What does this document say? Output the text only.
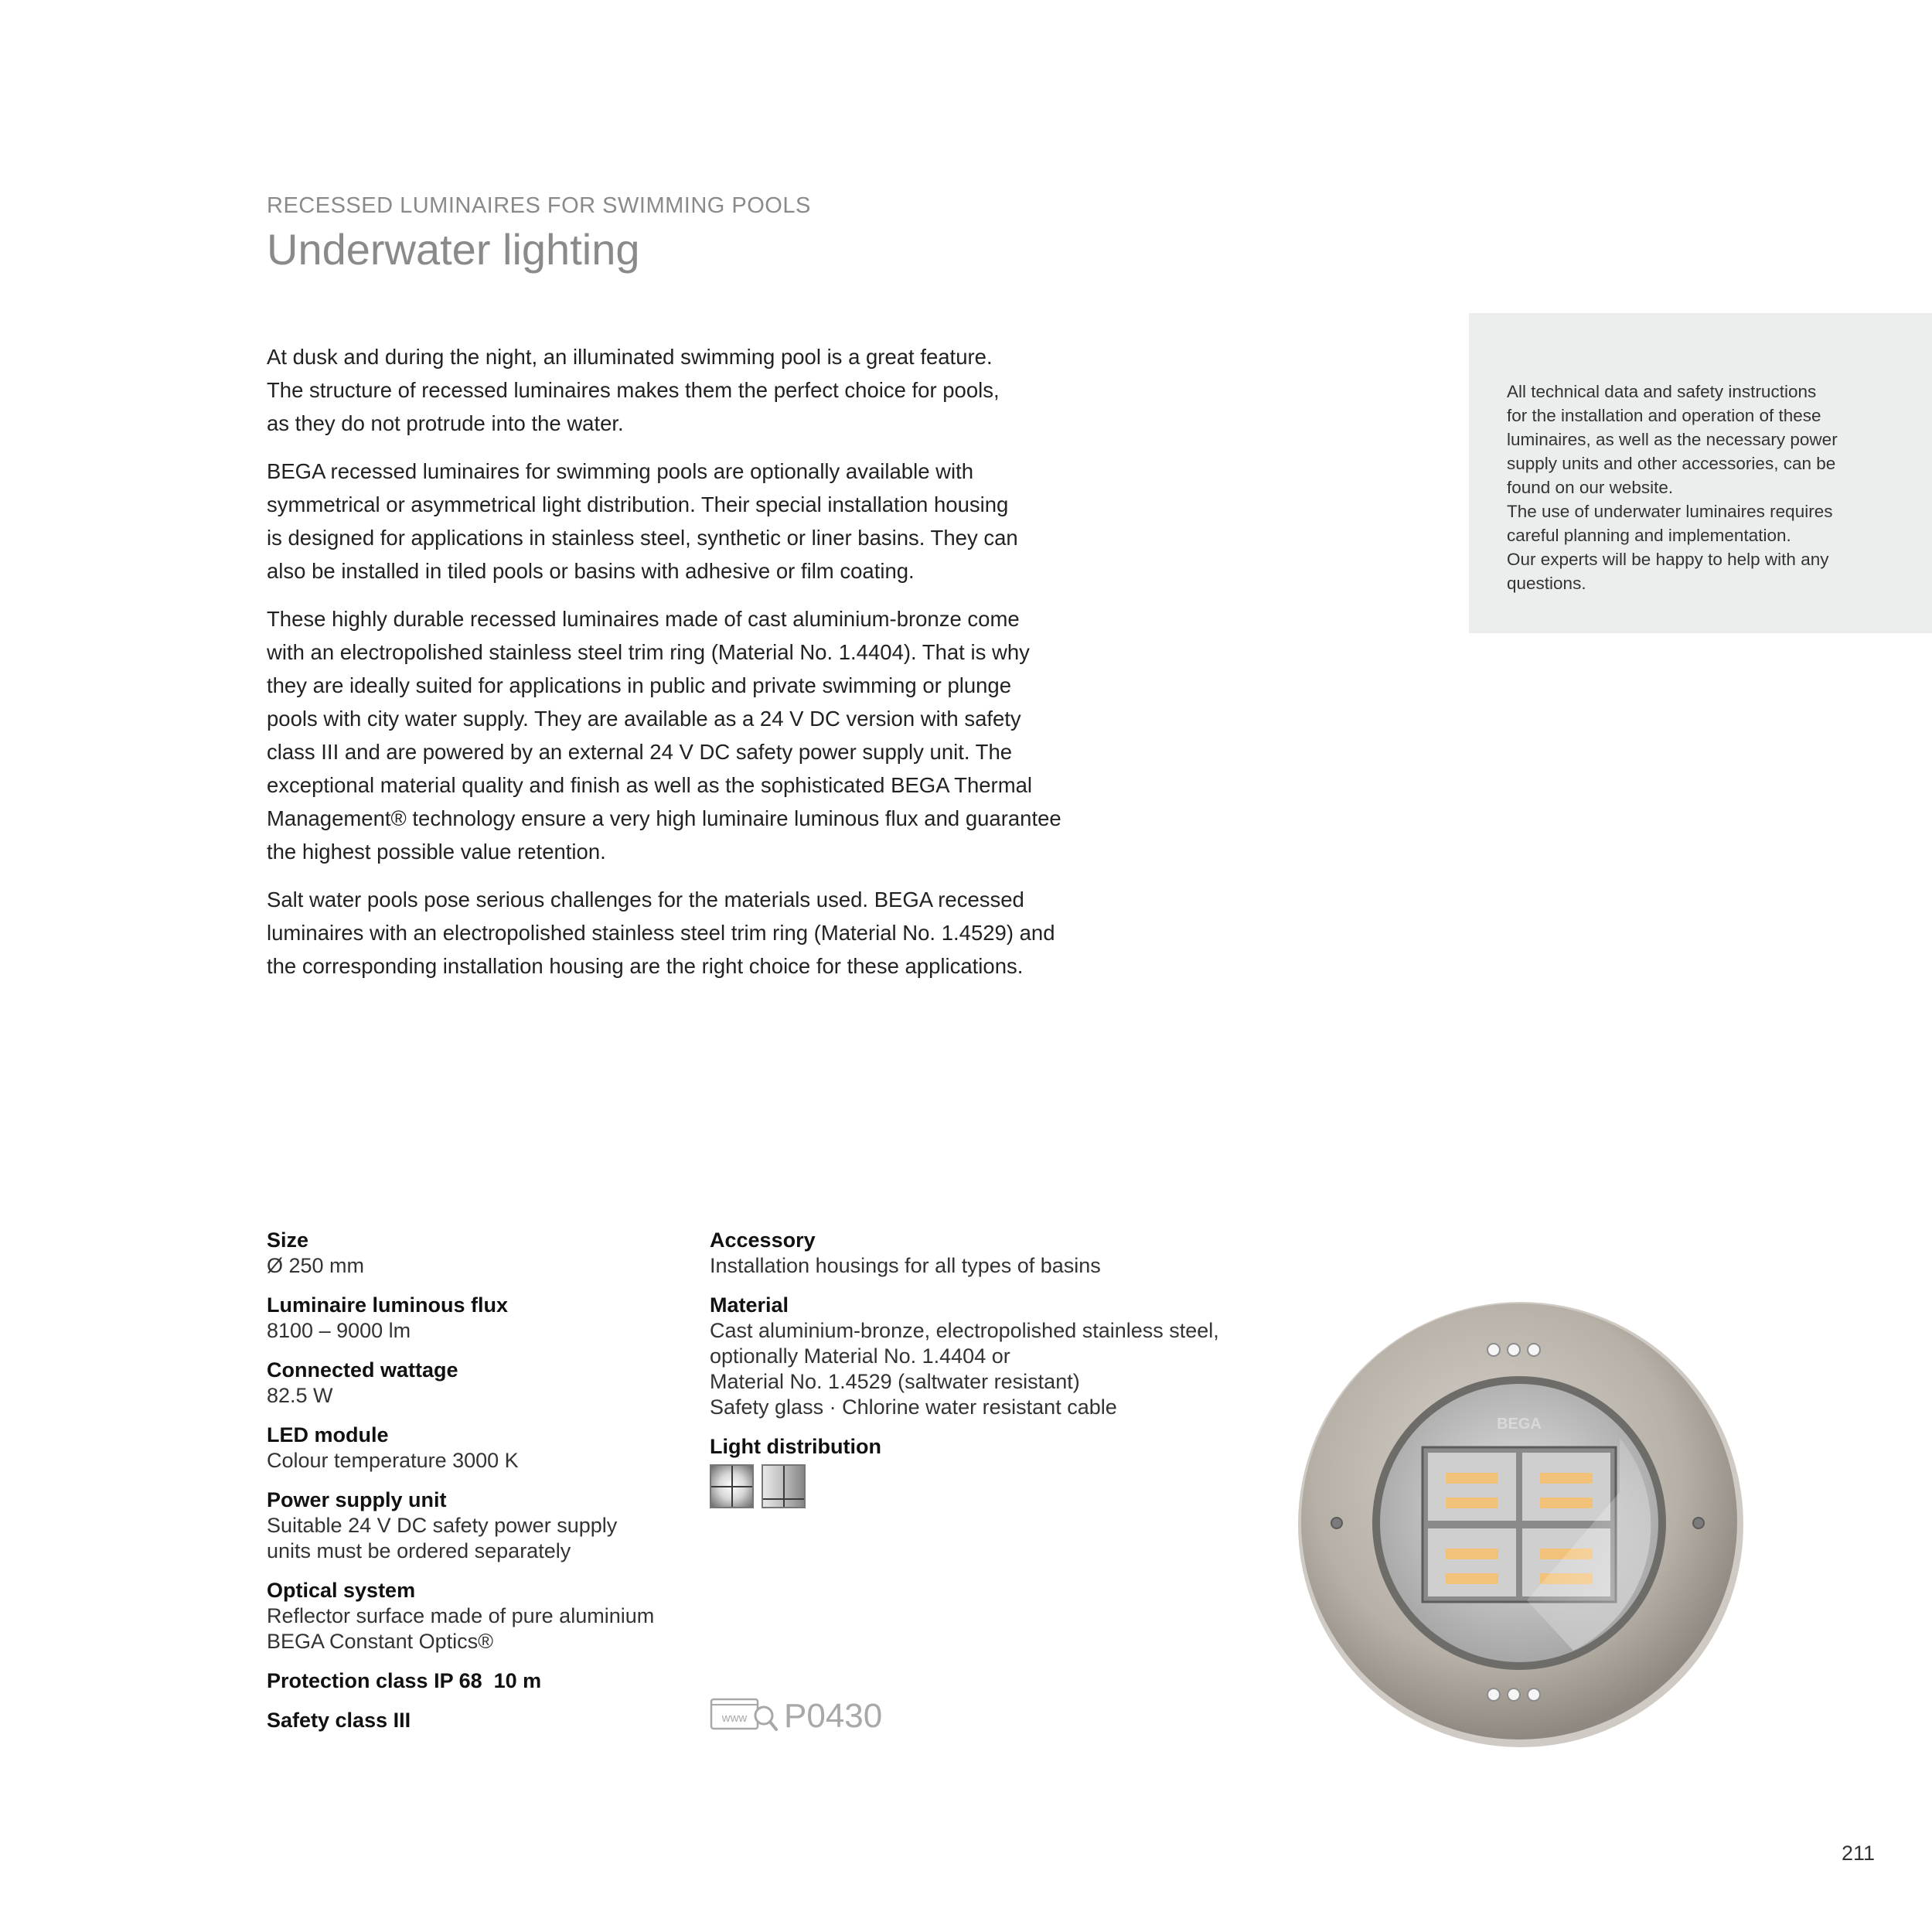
RECESSED LUMINAIRES FOR SWIMMING POOLS
Underwater lighting

At dusk and during the night, an illuminated swimming pool is a great feature.
The structure of recessed luminaires makes them the perfect choice for pools,
as they do not protrude into the water.

BEGA recessed luminaires for swimming pools are optionally available with
symmetrical or asymmetrical light distribution. Their special installation housing
is designed for applications in stainless steel, synthetic or liner basins. They can
also be installed in tiled pools or basins with adhesive or film coating.

These highly durable recessed luminaires made of cast aluminium-bronze come
with an electropolished stainless steel trim ring (Material No. 1.4404). That is why
they are ideally suited for applications in public and private swimming or plunge
pools with city water supply. They are available as a 24 V DC version with safety
class III and are powered by an external 24 V DC safety power supply unit. The
exceptional material quality and finish as well as the sophisticated BEGA Thermal
Management® technology ensure a very high luminaire luminous flux and guarantee
the highest possible value retention.

Salt water pools pose serious challenges for the materials used. BEGA recessed
luminaires with an electropolished stainless steel trim ring (Material No. 1.4529) and
the corresponding installation housing are the right choice for these applications.

All technical data and safety instructions

for the installation and operation of these

luminaires, as well as the necessary power

supply units and other accessories, can be

found on our website.

The use of underwater luminaires requires

careful planning and implementation.

Our experts will be happy to help with any

questions.

Size
Ø 250 mm
Luminaire luminous flux
8100 – 9000 lm
Connected wattage
82.5 W
LED module
Colour temperature 3000 K
Power supply unit
Suitable 24 V DC safety power supply
units must be ordered separately
Optical system
Reflector surface made of pure aluminium
BEGA Constant Optics®
Protection class IP 68  10 m
Safety class III
Accessory
Installation housings for all types of basins
Material
Cast aluminium-bronze, electropolished stainless steel,
optionally Material No. 1.4404 or
Material No. 1.4529 (saltwater resistant)
Safety glass · Chlorine water resistant cable
Light distribution
www P0430
BEGA
211
